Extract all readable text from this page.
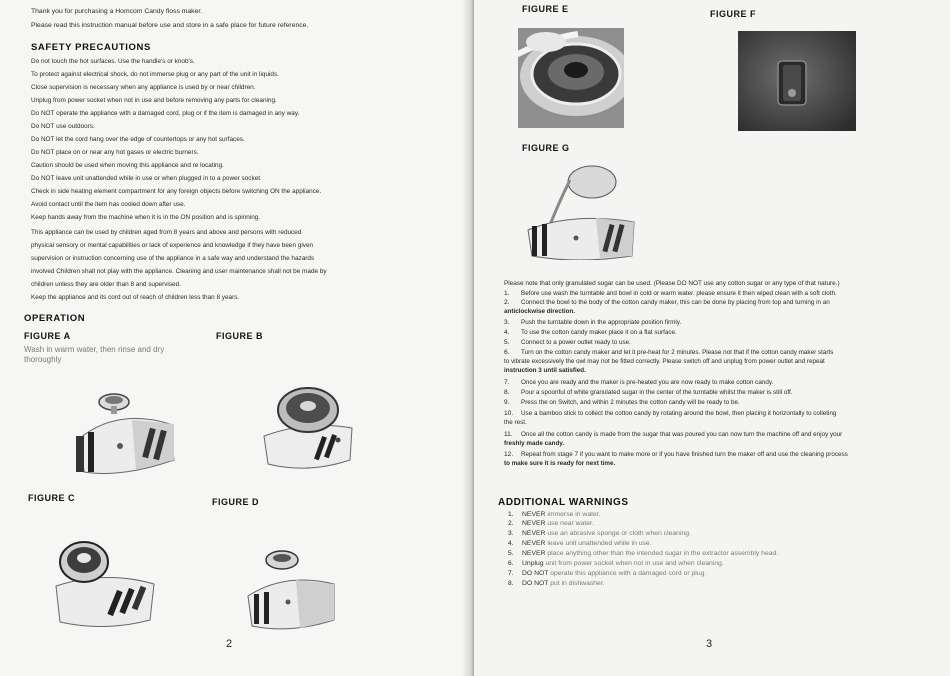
Thank you for purchasing a Homcom Candy floss maker.
Please read this instruction manual before use and store in a safe place for future reference.
SAFETY PRECAUTIONS
Do not touch the hot surfaces. Use the handle's or knob's.
To protect against electrical shock, do not immerse plug or any part of the unit in liquids.
Close supervision is necessary when any appliance is used by or near children.
Unplug from power socket when not in use and before removing any parts for cleaning.
Do NOT operate the appliance with a damaged cord, plug or if the item is damaged in any way.
Do NOT use outdoors.
Do NOT let the cord hang over the edge of countertops or any hot surfaces.
Do NOT place on or near any hot gases or electric burners.
Caution should be used when moving this appliance and re locating.
Do NOT leave unit unattended while in use or when plugged in to a power socket.
Check in side heating element compartment for any foreign objects before switching ON the appliance.
Avoid contact until the item has cooled down after use.
Keep hands away from the machine when it is in the ON position and is spinning.
This appliance can be used by children aged from 8 years and above and persons with reduced
physical sensory or mental capabilities or lack of experience and knowledge if they have been given
supervision or instruction concerning use of the appliance in a safe way and understand the hazards
involved Children shall not play with the appliance. Cleaning and user maintenance shall not be made by
children unless they are older than 8 and supervised.
Keep the appliance and its cord out of reach of children less than 8 years.
OPERATION
FIGURE A
Wash in warm water, then rinse and dry
thoroughly
FIGURE B
FIGURE C	FIGURE D
2
FIGURE E	FIGURE F
FIGURE G
Please note that only granulated sugar can be used. (Please DO NOT use any cotton sugar or any type of that nature.)
1. Before use wash the turntable and bowl in cold or warm water. please ensure it then wiped clean with a soft cloth.
2. Connect the bowl to the body of the cotton candy maker, this can be done by placing from top and turning in an
anticlockwise direction.
3. Push the turntable down in the appropriate position firmly.
4. To use the cotton candy maker place it on a flat surface.
5. Connect to a power outlet ready to use.
6. Turn on the cotton candy maker and let it pre-heat for 2 minutes. Please not that if the cotton candy maker starts
to vibrate excessively the owl may not be fitted correctly. Please switch off and unplug from power outlet and repeat
instruction 3 until satisfied.
7. Once you are ready and the maker is pre-heated you are now ready to make cotton candy.
8. Pour a spoonful of white granulated sugar in the center of the turntable whilst the maker is still off.
9. Press the on Switch, and within 2 minutes the cotton candy will be ready to be.
10. Use a bamboo stick to collect the cotton candy by rotating around the bowl, then placing it horizontally to colleting
the rest.
11. Once all the cotton candy is made from the sugar that was poured you can now turn the machine off and enjoy your
freshly made candy.
12. Repeat from stage 7 if you want to make more or if you have finished turn the maker off and use the cleaning process
to make sure it is ready for next time.
ADDITIONAL WARNINGS
1. NEVER immerse in water.
2. NEVER use near water.
3. NEVER use an abrasive sponge or cloth when cleaning.
4. NEVER leave unit unattended while in use.
5. NEVER place anything other than the intended sugar in the extractor assembly head.
6. Unplug unit from power socket when not in use and when cleaning.
7. DO NOT operate this appliance with a damaged cord or plug.
8. DO NOT put in dishwasher.
3
